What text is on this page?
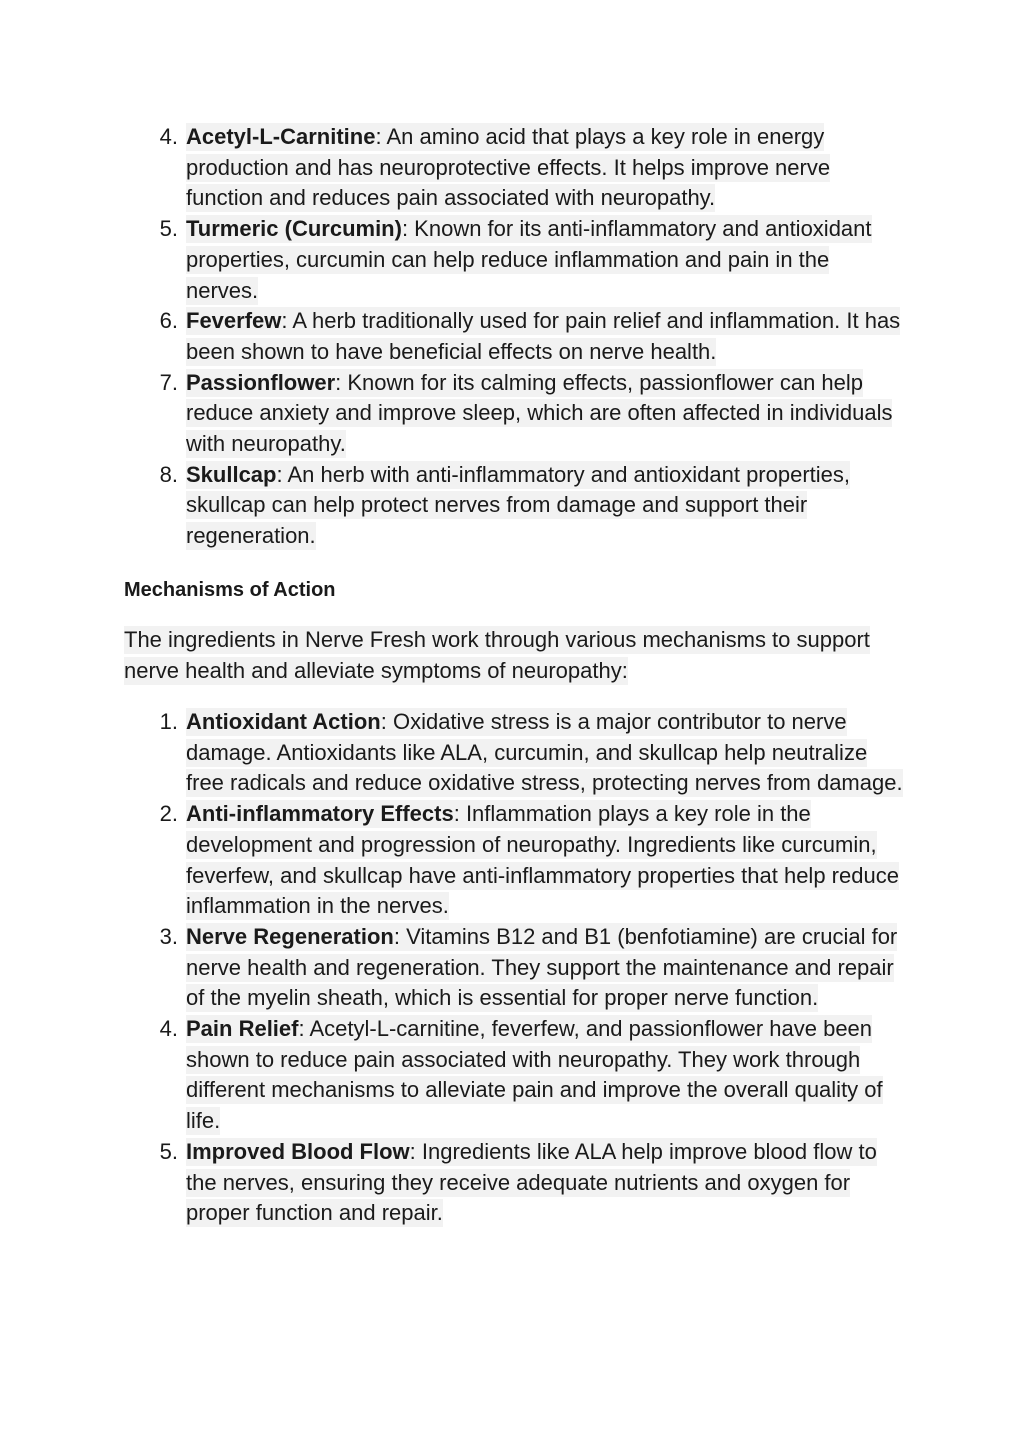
4. Acetyl-L-Carnitine: An amino acid that plays a key role in energy production and has neuroprotective effects. It helps improve nerve function and reduces pain associated with neuropathy.
5. Turmeric (Curcumin): Known for its anti-inflammatory and antioxidant properties, curcumin can help reduce inflammation and pain in the nerves.
6. Feverfew: A herb traditionally used for pain relief and inflammation. It has been shown to have beneficial effects on nerve health.
7. Passionflower: Known for its calming effects, passionflower can help reduce anxiety and improve sleep, which are often affected in individuals with neuropathy.
8. Skullcap: An herb with anti-inflammatory and antioxidant properties, skullcap can help protect nerves from damage and support their regeneration.
Mechanisms of Action

The ingredients in Nerve Fresh work through various mechanisms to support nerve health and alleviate symptoms of neuropathy:

1. Antioxidant Action: Oxidative stress is a major contributor to nerve damage. Antioxidants like ALA, curcumin, and skullcap help neutralize free radicals and reduce oxidative stress, protecting nerves from damage.
2. Anti-inflammatory Effects: Inflammation plays a key role in the development and progression of neuropathy. Ingredients like curcumin, feverfew, and skullcap have anti-inflammatory properties that help reduce inflammation in the nerves.
3. Nerve Regeneration: Vitamins B12 and B1 (benfotiamine) are crucial for nerve health and regeneration. They support the maintenance and repair of the myelin sheath, which is essential for proper nerve function.
4. Pain Relief: Acetyl-L-carnitine, feverfew, and passionflower have been shown to reduce pain associated with neuropathy. They work through different mechanisms to alleviate pain and improve the overall quality of life.
5. Improved Blood Flow: Ingredients like ALA help improve blood flow to the nerves, ensuring they receive adequate nutrients and oxygen for proper function and repair.
